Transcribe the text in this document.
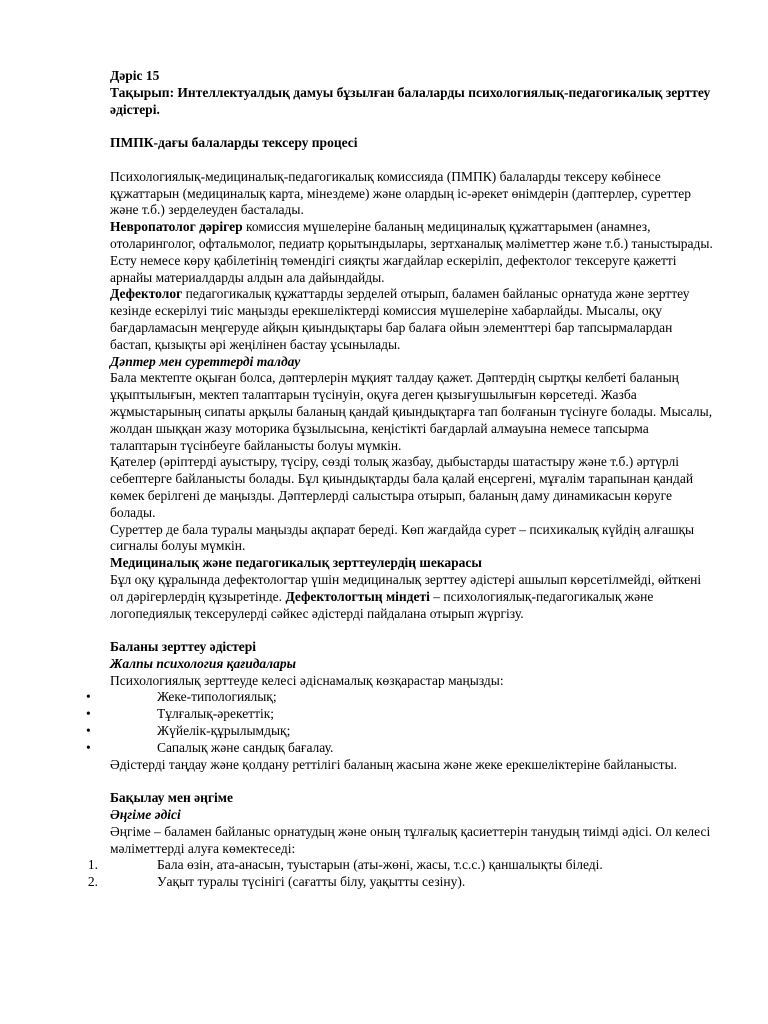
Дәріс 15

Тақырып: Интеллектуалдық дамуы бұзылған балаларды психологиялық-педагогикалық зерттеу әдістері.

ПМПК-дағы балаларды тексеру процесі

Психологиялық-медициналық-педагогикалық комиссияда (ПМПК) балаларды тексеру көбінесе құжаттарын (медициналық карта, мінездеме) және олардың іс-әрекет өнімдерін (дәптерлер, суреттер және т.б.) зерделеуден басталады.

Невропатолог дәрігер комиссия мүшелеріне баланың медициналық құжаттарымен (анамнез, отоларинголог, офтальмолог, педиатр қорытындылары, зертханалық мәліметтер және т.б.) таныстырады. Есту немесе көру қабілетінің төмендігі сияқты жағдайлар ескеріліп, дефектолог тексеруге қажетті арнайы материалдарды алдын ала дайындайды.

Дефектолог педагогикалық құжаттарды зерделей отырып, баламен байланыс орнатуда және зерттеу кезінде ескерілуі тиіс маңызды ерекшеліктерді комиссия мүшелеріне хабарлайды. Мысалы, оқу бағдарламасын меңгеруде айқын қиындықтары бар балаға ойын элементтері бар тапсырмалардан бастап, қызықты әрі жеңілінен бастау ұсынылады.

Дәптер мен суреттерді талдау

Бала мектепте оқыған болса, дәптерлерін мұқият талдау қажет. Дәптердің сыртқы келбеті баланың ұқыптылығын, мектеп талаптарын түсінуін, оқуға деген қызығушылығын көрсетеді. Жазба жұмыстарының сипаты арқылы баланың қандай қиындықтарға тап болғанын түсінуге болады. Мысалы, жолдан шыққан жазу моторика бұзылысына, кеңістікті бағдарлай алмауына немесе тапсырма талаптарын түсінбеуге байланысты болуы мүмкін.

Қателер (әріптерді ауыстыру, түсіру, сөзді толық жазбау, дыбыстарды шатастыру және т.б.) әртүрлі себептерге байланысты болады. Бұл қиындықтарды бала қалай еңсергені, мұғалім тарапынан қандай көмек берілгені де маңызды. Дәптерлерді салыстыра отырып, баланың даму динамикасын көруге болады.

Суреттер де бала туралы маңызды ақпарат береді. Көп жағдайда сурет – психикалық күйдің алғашқы сигналы болуы мүмкін.

Медициналық және педагогикалық зерттеулердің шекарасы

Бұл оқу құралында дефектологтар үшін медициналық зерттеу әдістері ашылып көрсетілмейді, өйткені ол дәрігерлердің құзыретінде. Дефектологтың міндеті – психологиялық-педагогикалық және логопедиялық тексерулерді сәйкес әдістерді пайдалана отырып жүргізу.

Баланы зерттеу әдістері

Жалпы психология қағидалары

Психологиялық зерттеуде келесі әдіснамалық көзқарастар маңызды:

•	Жеке-типологиялық;
•	Тұлғалық-әрекеттік;
•	Жүйелік-құрылымдық;
•	Сапалық және сандық бағалау.

Әдістерді таңдау және қолдану реттілігі баланың жасына және жеке ерекшеліктеріне байланысты.

Бақылау мен әңгіме

Әңгіме әдісі

Әңгіме – баламен байланыс орнатудың және оның тұлғалық қасиеттерін танудың тиімді әдісі. Ол келесі мәліметтерді алуға көмектеседі:

1.	Бала өзін, ата-анасын, туыстарын (аты-жөні, жасы, т.с.с.) қаншалықты біледі.
2.	Уақыт туралы түсінігі (сағатты білу, уақытты сезіну).
